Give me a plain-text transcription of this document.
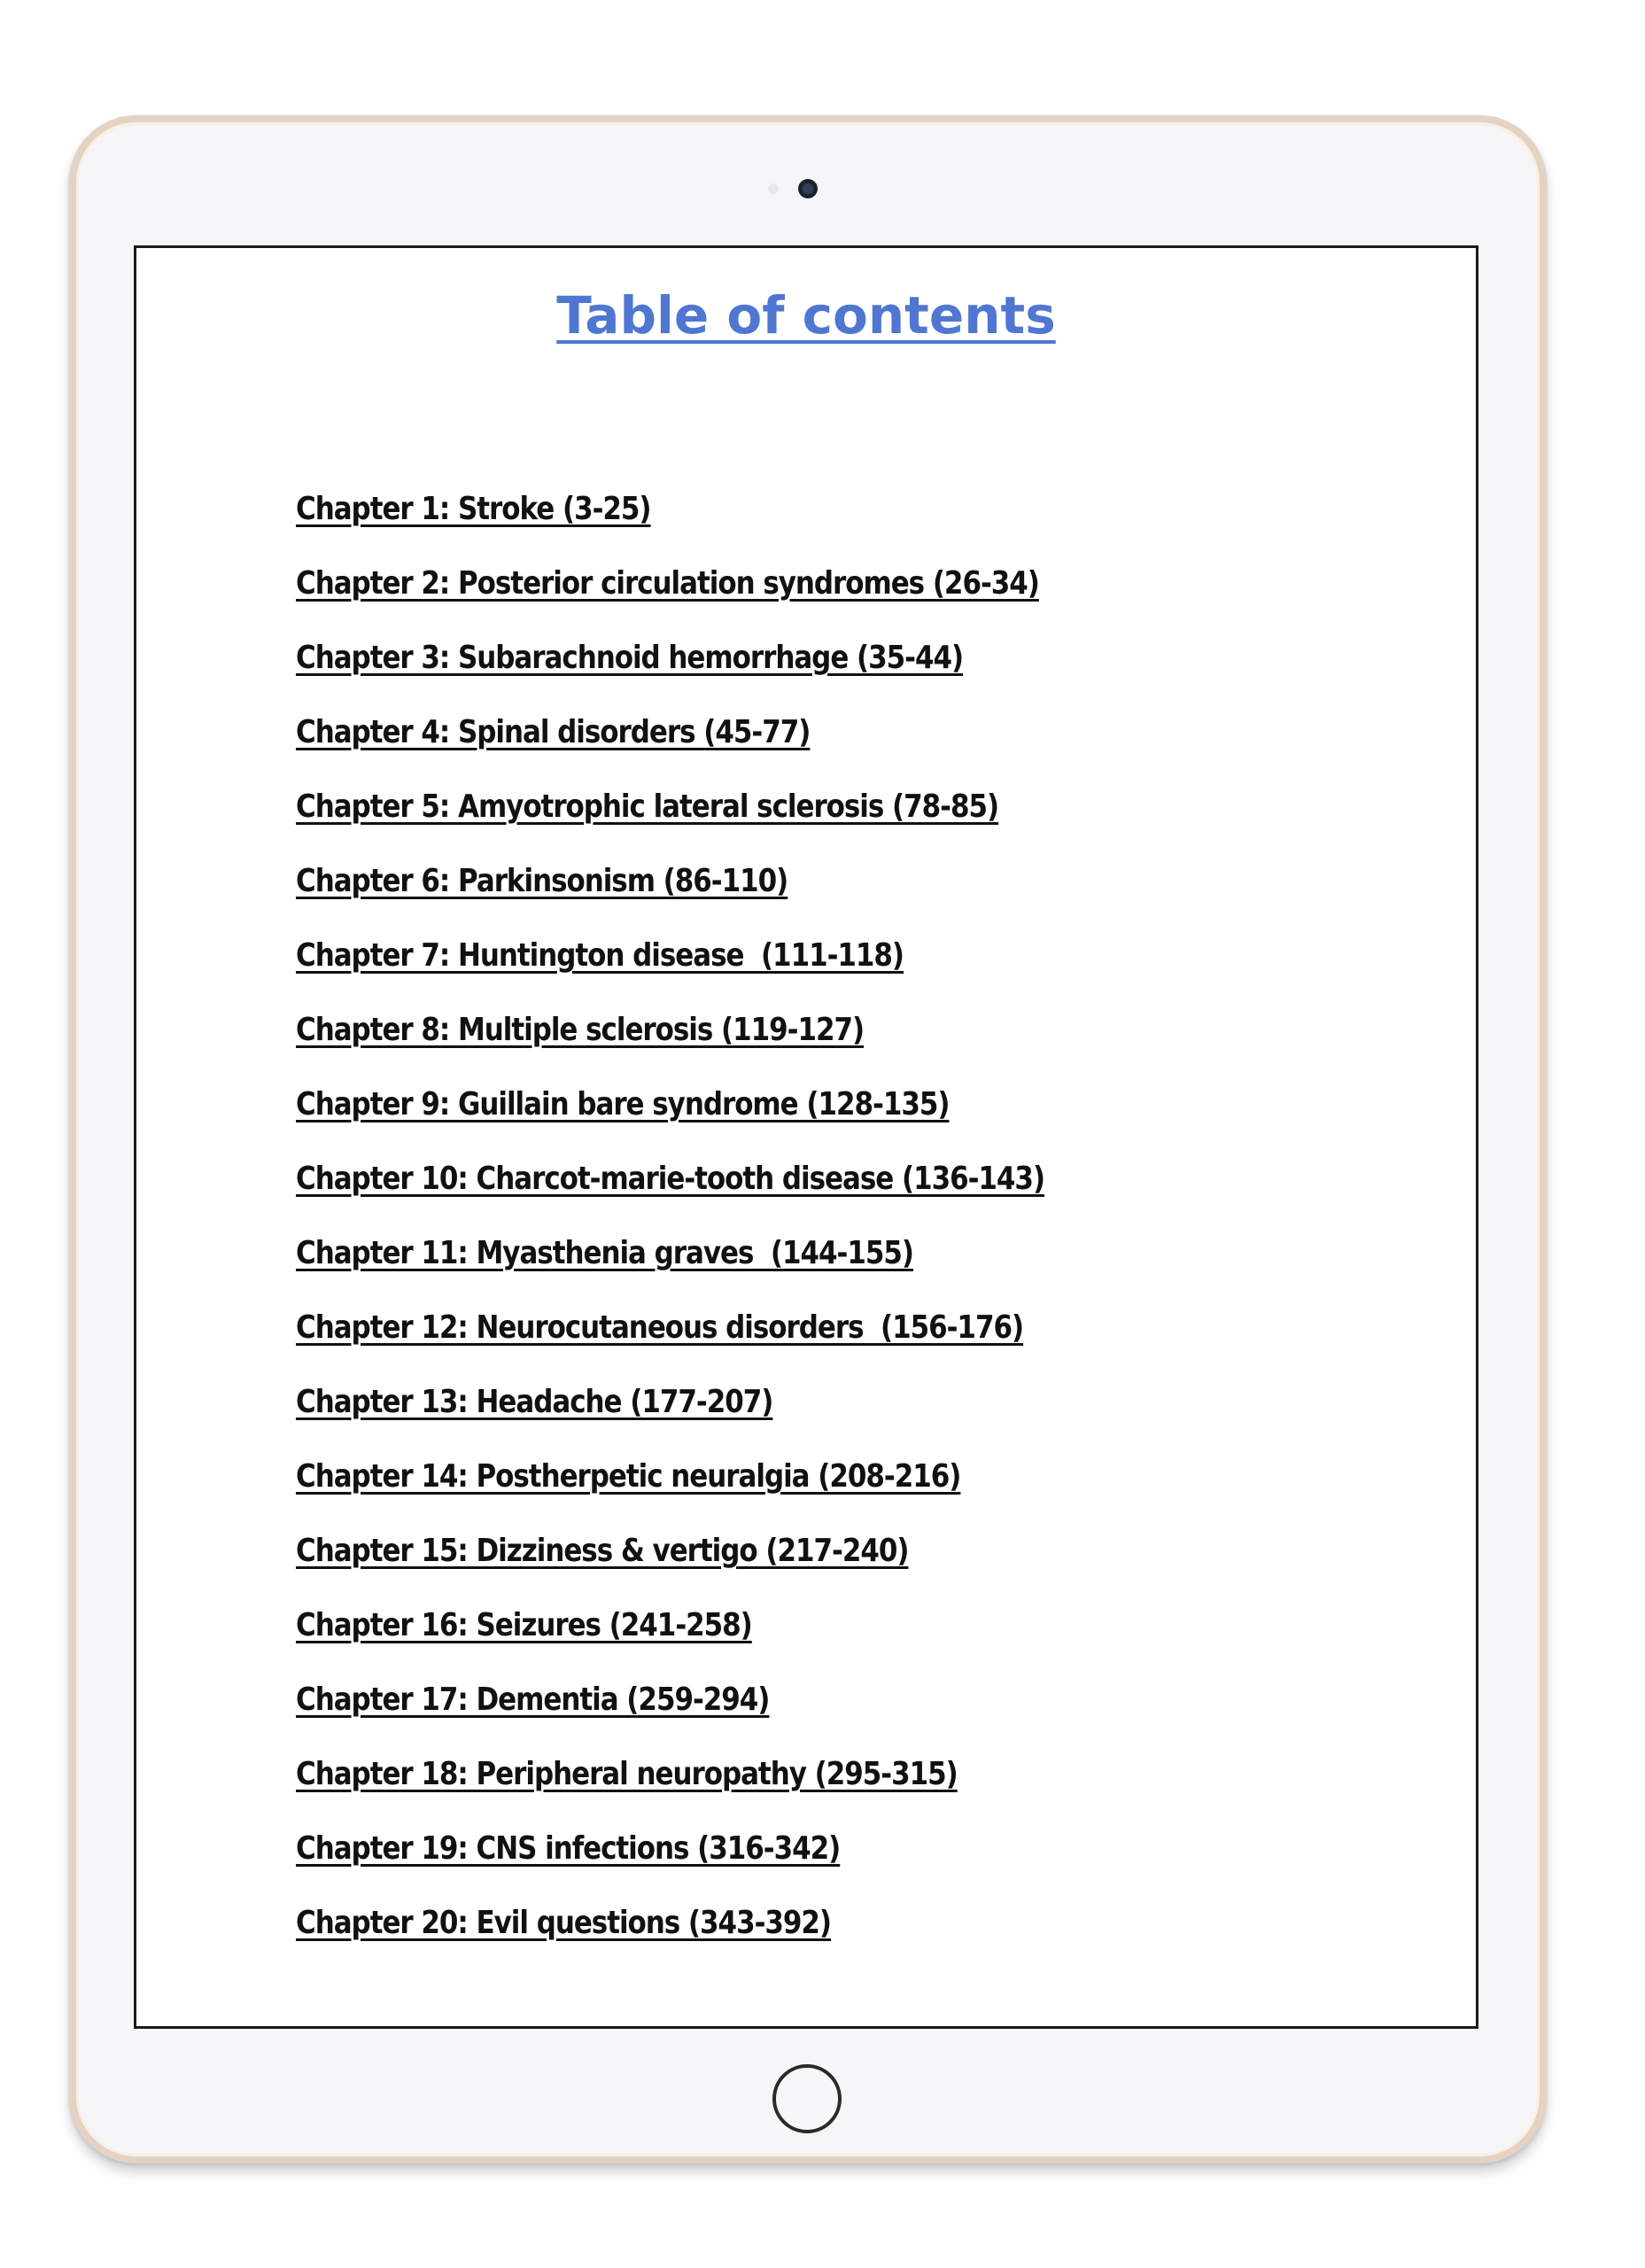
Table of contents
Chapter 1: Stroke (3-25)
Chapter 2: Posterior circulation syndromes (26-34)
Chapter 3: Subarachnoid hemorrhage (35-44)
Chapter 4: Spinal disorders (45-77)
Chapter 5: Amyotrophic lateral sclerosis (78-85)
Chapter 6: Parkinsonism (86-110)
Chapter 7: Huntington disease  (111-118)
Chapter 8: Multiple sclerosis (119-127)
Chapter 9: Guillain bare syndrome (128-135)
Chapter 10: Charcot-marie-tooth disease (136-143)
Chapter 11: Myasthenia graves  (144-155)
Chapter 12: Neurocutaneous disorders  (156-176)
Chapter 13: Headache (177-207)
Chapter 14: Postherpetic neuralgia (208-216)
Chapter 15: Dizziness & vertigo (217-240)
Chapter 16: Seizures (241-258)
Chapter 17: Dementia (259-294)
Chapter 18: Peripheral neuropathy (295-315)
Chapter 19: CNS infections (316-342)
Chapter 20: Evil questions (343-392)
